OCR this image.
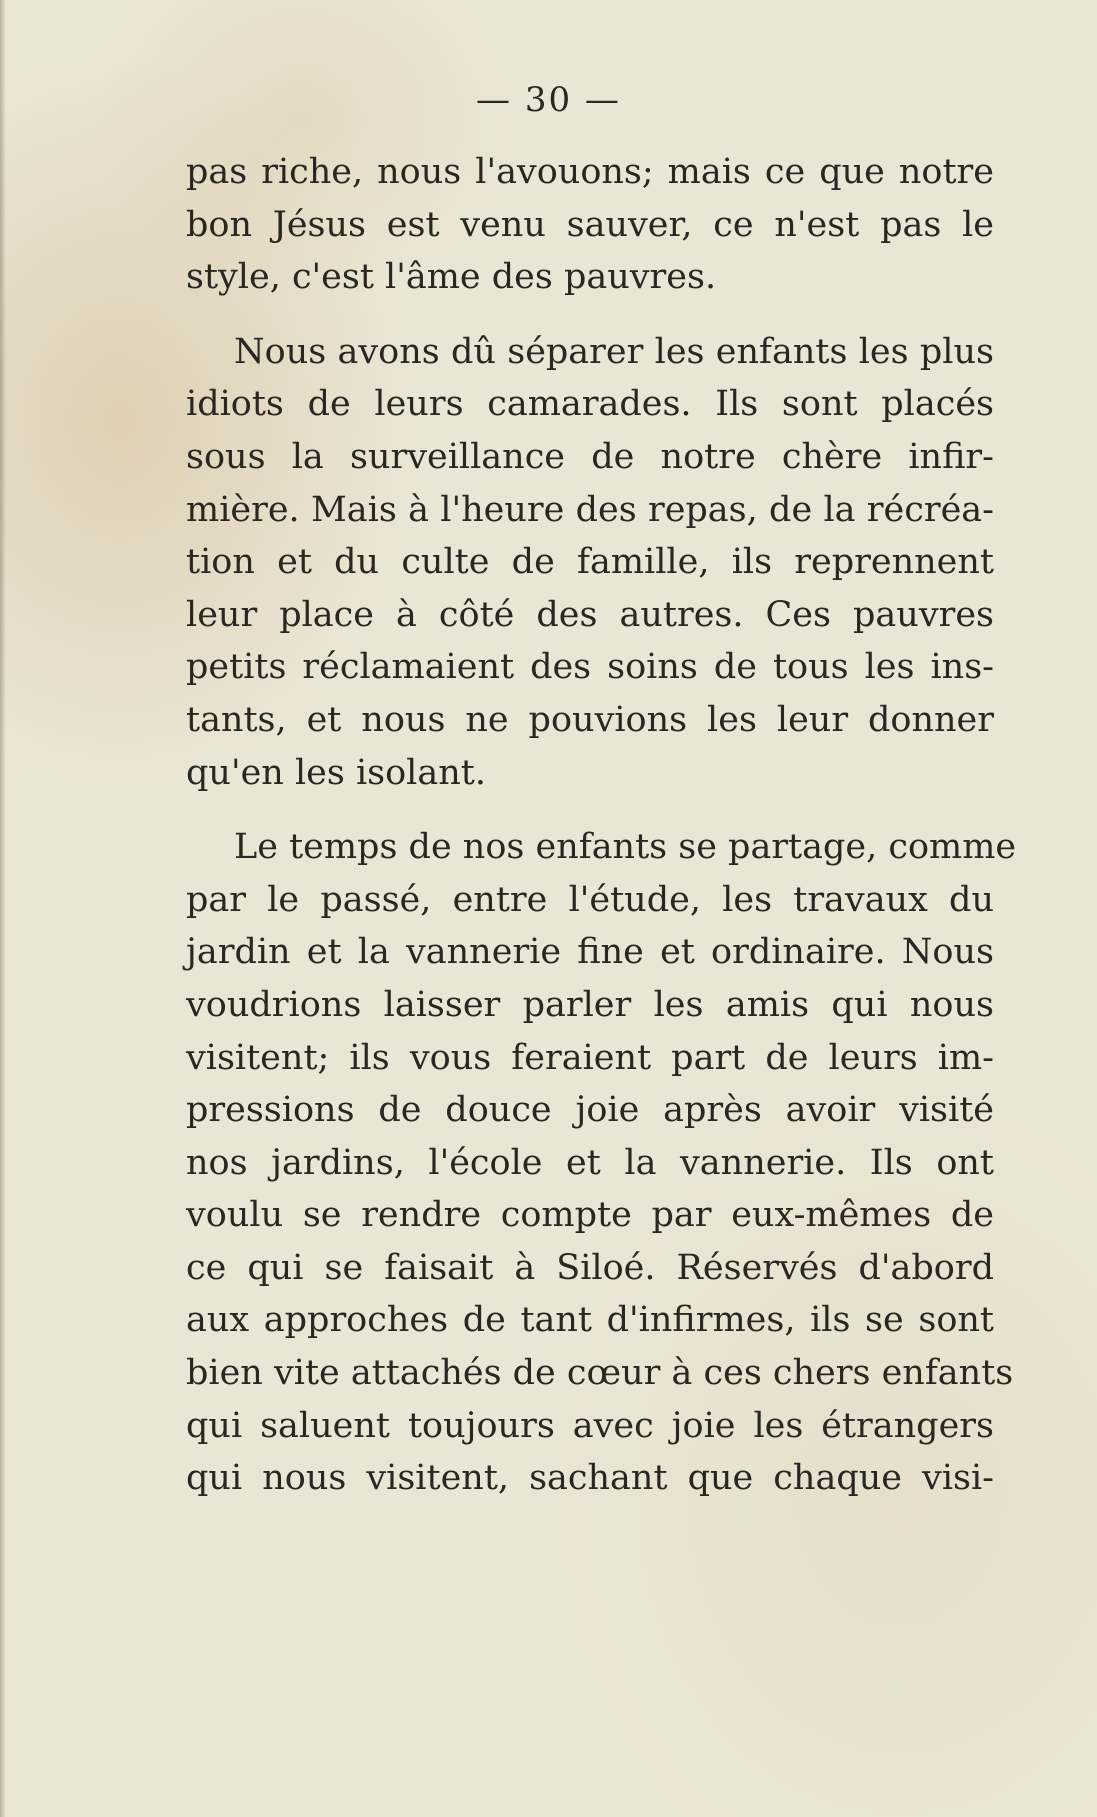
— 30 —
pas riche, nous l'avouons; mais ce que notre
bon Jésus est venu sauver, ce n'est pas le
style, c'est l'âme des pauvres.
Nous avons dû séparer les enfants les plus
idiots de leurs camarades. Ils sont placés
sous la surveillance de notre chère infir-
mière. Mais à l'heure des repas, de la récréa-
tion et du culte de famille, ils reprennent
leur place à côté des autres. Ces pauvres
petits réclamaient des soins de tous les ins-
tants, et nous ne pouvions les leur donner
qu'en les isolant.
Le temps de nos enfants se partage, comme
par le passé, entre l'étude, les travaux du
jardin et la vannerie fine et ordinaire. Nous
voudrions laisser parler les amis qui nous
visitent; ils vous feraient part de leurs im-
pressions de douce joie après avoir visité
nos jardins, l'école et la vannerie. Ils ont
voulu se rendre compte par eux-mêmes de
ce qui se faisait à Siloé. Réservés d'abord
aux approches de tant d'infirmes, ils se sont
bien vite attachés de cœur à ces chers enfants
qui saluent toujours avec joie les étrangers
qui nous visitent, sachant que chaque visi-
